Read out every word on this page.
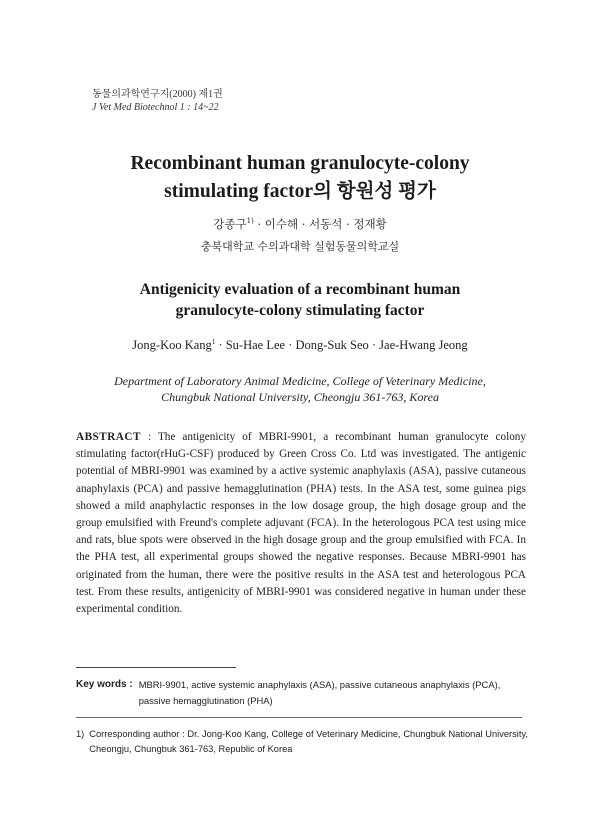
동물의과학연구지(2000) 제1권
J Vet Med Biotechnol 1 : 14~22
Recombinant human granulocyte-colony
stimulating factor의 항원성 평가
강종구$^{1)}$ · 이수해 · 서동석 · 정재황
충북대학교 수의과대학 실험동물의학교실
Antigenicity evaluation of a recombinant human
granulocyte-colony stimulating factor
Jong-Koo Kang$^1$ · Su-Hae Lee · Dong-Suk Seo · Jae-Hwang Jeong
Department of Laboratory Animal Medicine, College of Veterinary Medicine,
Chungbuk National University, Cheongju 361-763, Korea
ABSTRACT : The antigenicity of MBRI-9901, a recombinant human granulocyte colony stimulating factor(rHuG-CSF) produced by Green Cross Co. Ltd was investigated. The antigenic potential of MBRI-9901 was examined by a active systemic anaphylaxis (ASA), passive cutaneous anaphylaxis (PCA) and passive hemagglutination (PHA) tests. In the ASA test, some guinea pigs showed a mild anaphylactic responses in the low dosage group, the high dosage group and the group emulsified with Freund's complete adjuvant (FCA). In the heterologous PCA test using mice and rats, blue spots were observed in the high dosage group and the group emulsified with FCA. In the PHA test, all experimental groups showed the negative responses. Because MBRI-9901 has originated from the human, there were the positive results in the ASA test and heterologous PCA test. From these results, antigenicity of MBRI-9901 was considered negative in human under these experimental condition.
Key words : MBRI-9901, active systemic anaphylaxis (ASA), passive cutaneous anaphylaxis (PCA), passive hemagglutination (PHA)
1) Corresponding author : Dr. Jong-Koo Kang, College of Veterinary Medicine, Chungbuk National University, Cheongju, Chungbuk 361-763, Republic of Korea
